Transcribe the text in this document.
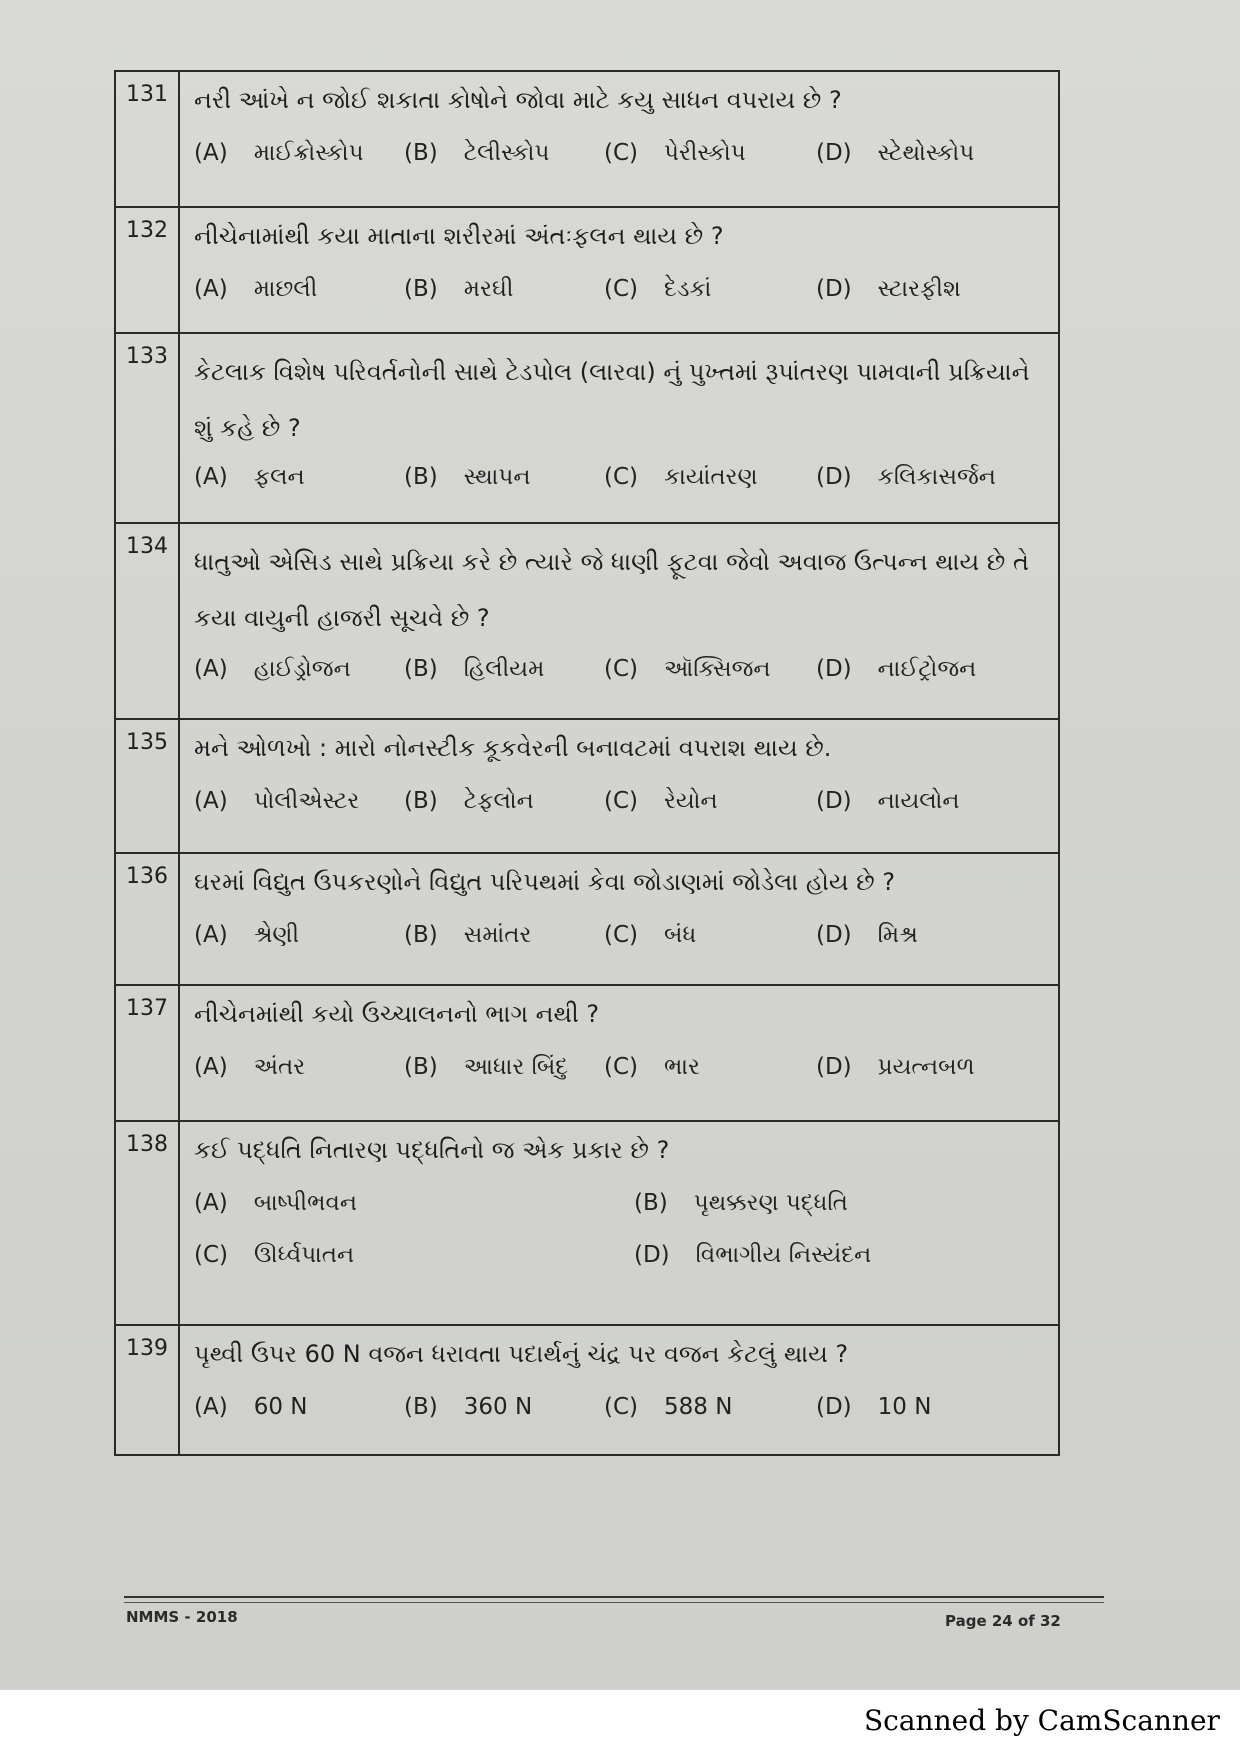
131	નરી આંખે ન જોઈ શકાતા કોષોને જોવા માટે કયુ સાધન વપરાય છે ?
(A) માઈક્રોસ્કોપ	(B) ટેલીસ્કોપ	(C) પેરીસ્કોપ	(D) સ્ટેથોસ્કોપ
132	નીચેનામાંથી કયા માતાના શરીરમાં અંતઃફલન થાય છે ?
(A) માછલી	(B) મરઘી	(C) દેડકાં	(D) સ્ટારફીશ
133
કેટલાક વિશેષ પરિવર્તનોની સાથે ટેડપોલ (લારવા) નું પુખ્તમાં રૂપાંતરણ પામવાની પ્રક્રિયાને શું કહે છે ?
(A) ફલન	(B) સ્થાપન	(C) કાયાંતરણ	(D) કલિકાસર્જન
134
ધાતુઓ એસિડ સાથે પ્રક્રિયા કરે છે ત્યારે જે ધાણી ફૂટવા જેવો અવાજ ઉત્પન્ન થાય છે તે કયા વાયુની હાજરી સૂચવે છે ?
(A) હાઈડ્રોજન	(B) હિલીયમ	(C) ઑક્સિજન	(D) નાઈટ્રોજન
135	મને ઓળખો : મારો નોનસ્ટીક કૂકવેરની બનાવટમાં વપરાશ થાય છે.
(A) પોલીએસ્ટર	(B) ટેફલોન	(C) રેયોન	(D) નાયલોન
136	ઘરમાં વિદ્યુત ઉપકરણોને વિદ્યુત પરિપથમાં કેવા જોડાણમાં જોડેલા હોય છે ?
(A) શ્રેણી	(B) સમાંતર	(C) બંધ	(D) મિશ્ર
137	નીચેનમાંથી કયો ઉચ્ચાલનનો ભાગ નથી ?
(A) અંતર	(B) આધાર બિંદુ	(C) ભાર	(D) પ્રયત્નબળ
138	કઈ પદ્ધતિ નિતારણ પદ્ધતિનો જ એક પ્રકાર છે ?
(A) બાષ્પીભવન	(B) પૃથક્કરણ પદ્ધતિ
(C) ઊર્ધ્વપાતન	(D) વિભાગીય નિસ્યંદન
139	પૃથ્વી ઉપર 60 N વજન ધરાવતા પદાર્થનું ચંદ્ર પર વજન કેટલું થાય ?
(A) 60 N	(B) 360 N	(C) 588 N	(D) 10 N
NMMS - 2018	Page 24 of 32
Scanned by CamScanner
